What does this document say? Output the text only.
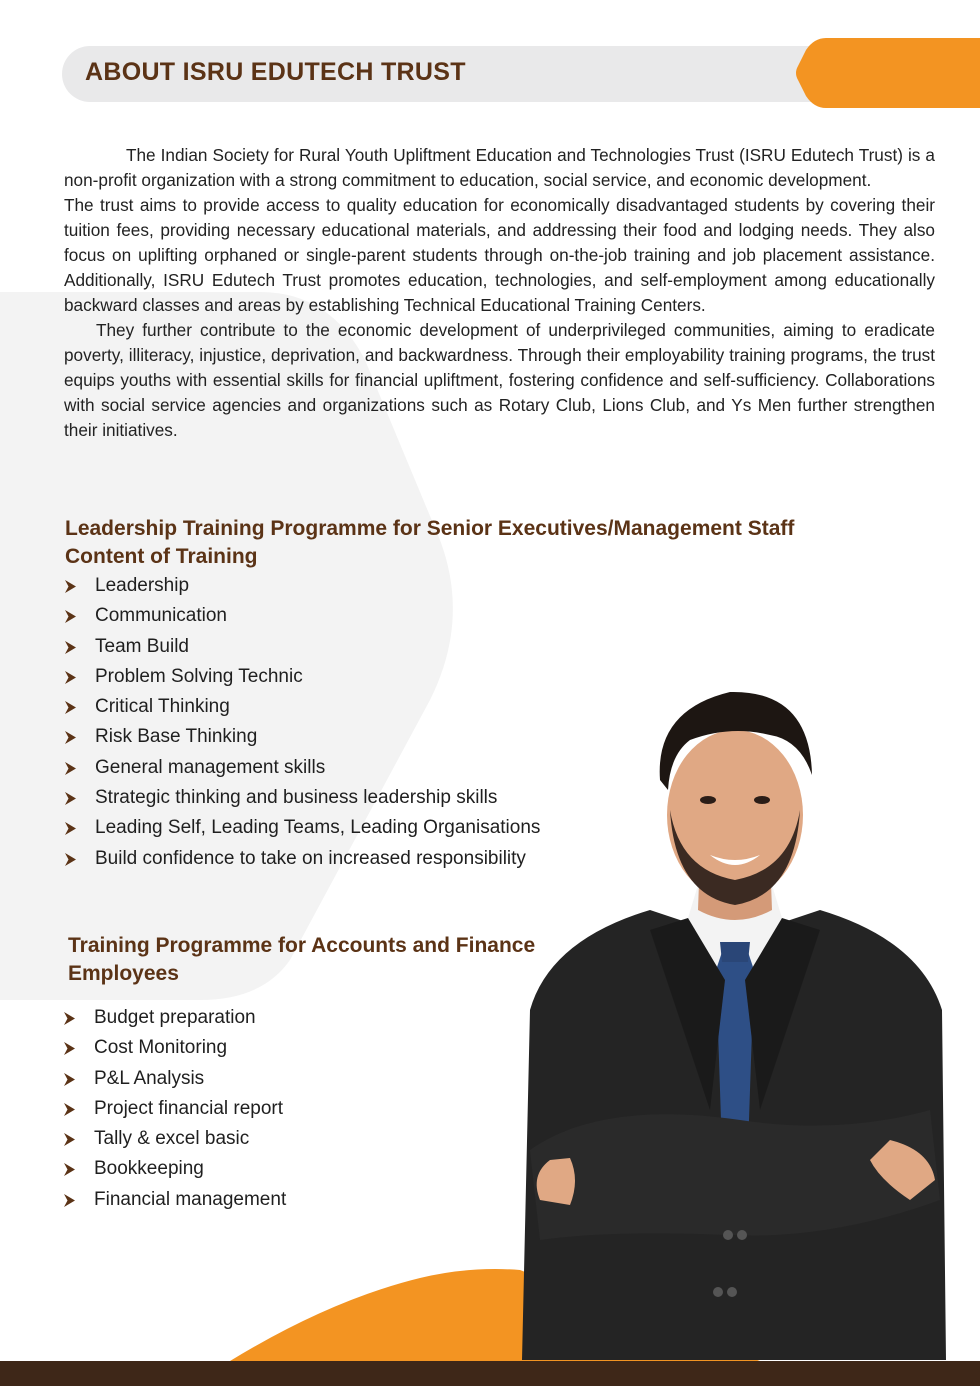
ABOUT ISRU EDUTECH TRUST

The Indian Society for Rural Youth Upliftment Education and Technologies Trust (ISRU Edutech Trust) is a non-profit organization with a strong commitment to education, social service, and economic development.

The trust aims to provide access to quality education for economically disadvantaged students by covering their tuition fees, providing necessary educational materials, and addressing their food and lodging needs. They also focus on uplifting orphaned or single-parent students through on-the-job training and job placement assistance. Additionally, ISRU Edutech Trust promotes education, technologies, and self-employment among educationally backward classes and areas by establishing Technical Educational Training Centers.

They further contribute to the economic development of underprivileged communities, aiming to eradicate poverty, illiteracy, injustice, deprivation, and backwardness. Through their employability training programs, the trust equips youths with essential skills for financial upliftment, fostering confidence and self-sufficiency. Collaborations with social service agencies and organizations such as Rotary Club, Lions Club, and Ys Men further strengthen their initiatives.

Leadership Training Programme for Senior Executives/Management Staff
Content of Training
Leadership
Communication
Team Build
Problem Solving Technic
Critical Thinking
Risk Base Thinking
General management skills
Strategic thinking and business leadership skills
Leading Self, Leading Teams, Leading Organisations
Build confidence to take on increased responsibility
Training Programme for Accounts and Finance
Employees
Budget preparation
Cost Monitoring
P&L Analysis
Project financial report
Tally & excel basic
Bookkeeping
Financial management
